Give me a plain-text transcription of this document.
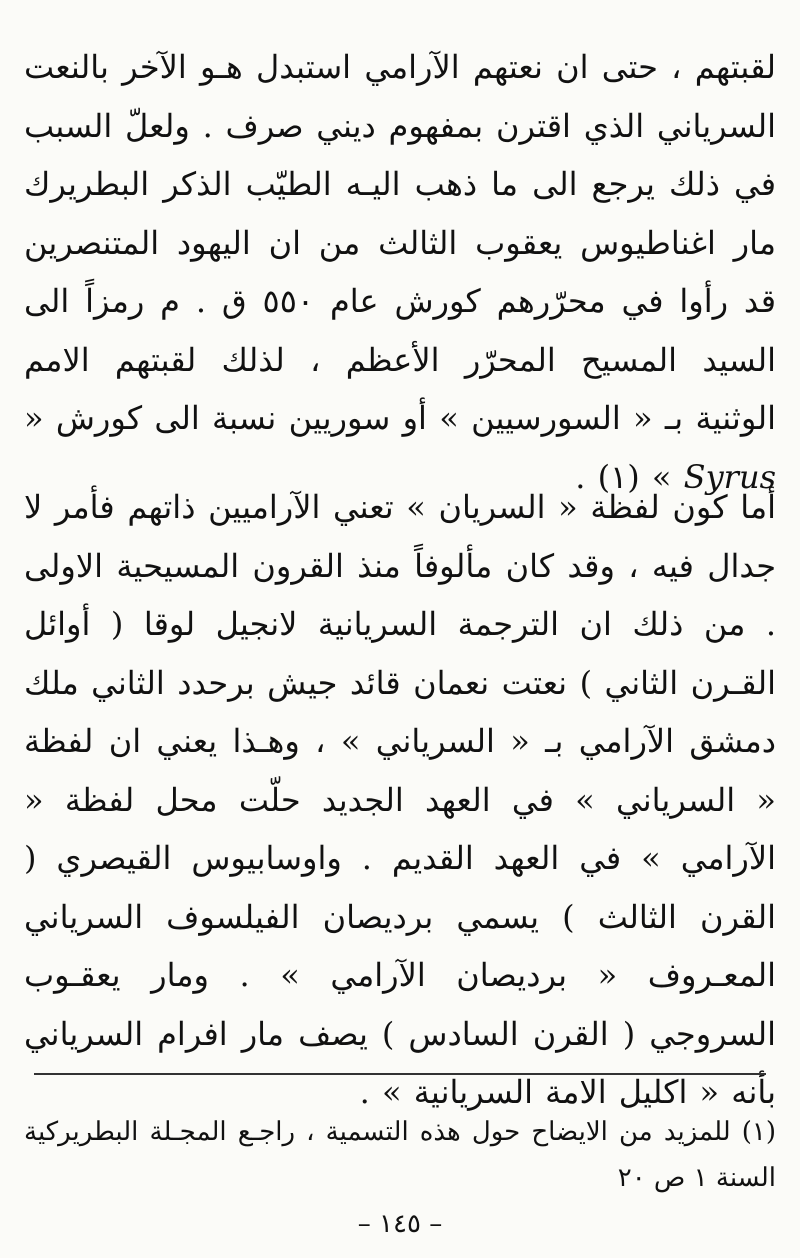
لقبتهم ، حتى ان نعتهم الآرامي استبدل هـو الآخر بالنعت السرياني الذي اقترن بمفهوم ديني صرف . ولعلّ السبب في ذلك يرجع الى ما ذهب اليـه الطيّب الذكر البطريرك مار اغناطيوس يعقوب الثالث من ان اليهود المتنصرين قد رأوا في محرّرهم كورش عام ٥٥٠ ق . م رمزاً الى السيد المسيح المحرّر الأعظم ، لذلك لقبتهم الامم الوثنية بـ « السورسيين » أو سوريين نسبة الى كورش « Syrus » (١) .

أما كون لفظة « السريان » تعني الآراميين ذاتهم فأمر لا جدال فيه ، وقد كان مألوفاً منذ القرون المسيحية الاولى . من ذلك ان الترجمة السريانية لانجيل لوقا ( أوائل القـرن الثاني ) نعتت نعمان قائد جيش برحدد الثاني ملك دمشق الآرامي بـ « السرياني » ، وهـذا يعني ان لفظة « السرياني » في العهد الجديد حلّت محل لفظة « الآرامي » في العهد القديم . واوسابيوس القيصري ( القرن الثالث ) يسمي برديصان الفيلسوف السرياني المعـروف « برديصان الآرامي » . ومار يعقـوب السروجي ( القرن السادس ) يصف مار افرام السرياني بأنه « اكليل الامة السريانية » .

(١) للمزيد من الايضاح حول هذه التسمية ، راجـع المجـلة البطريركية السنة ١ ص ٢٠

– ١٤٥ –
